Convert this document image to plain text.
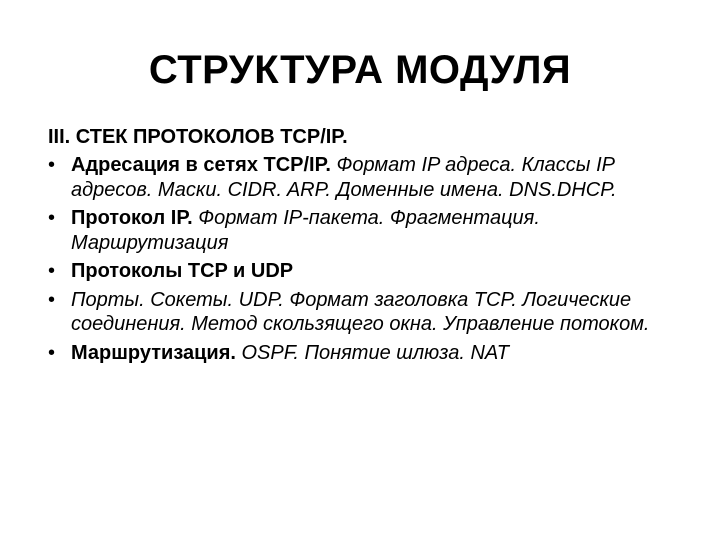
СТРУКТУРА МОДУЛЯ
III. СТЕК ПРОТОКОЛОВ TCP/IP.
• Адресация в сетях TCP/IP. Формат IP адреса. Классы IP адресов. Маски. CIDR. ARP. Доменные имена. DNS.DHCP.
• Протокол IP. Формат IP-пакета. Фрагментация. Маршрутизация
• Протоколы TCP и UDP
• Порты. Сокеты. UDP. Формат заголовка TCP. Логические соединения. Метод скользящего окна. Управление потоком.
• Маршрутизация. OSPF. Понятие шлюза. NAT
